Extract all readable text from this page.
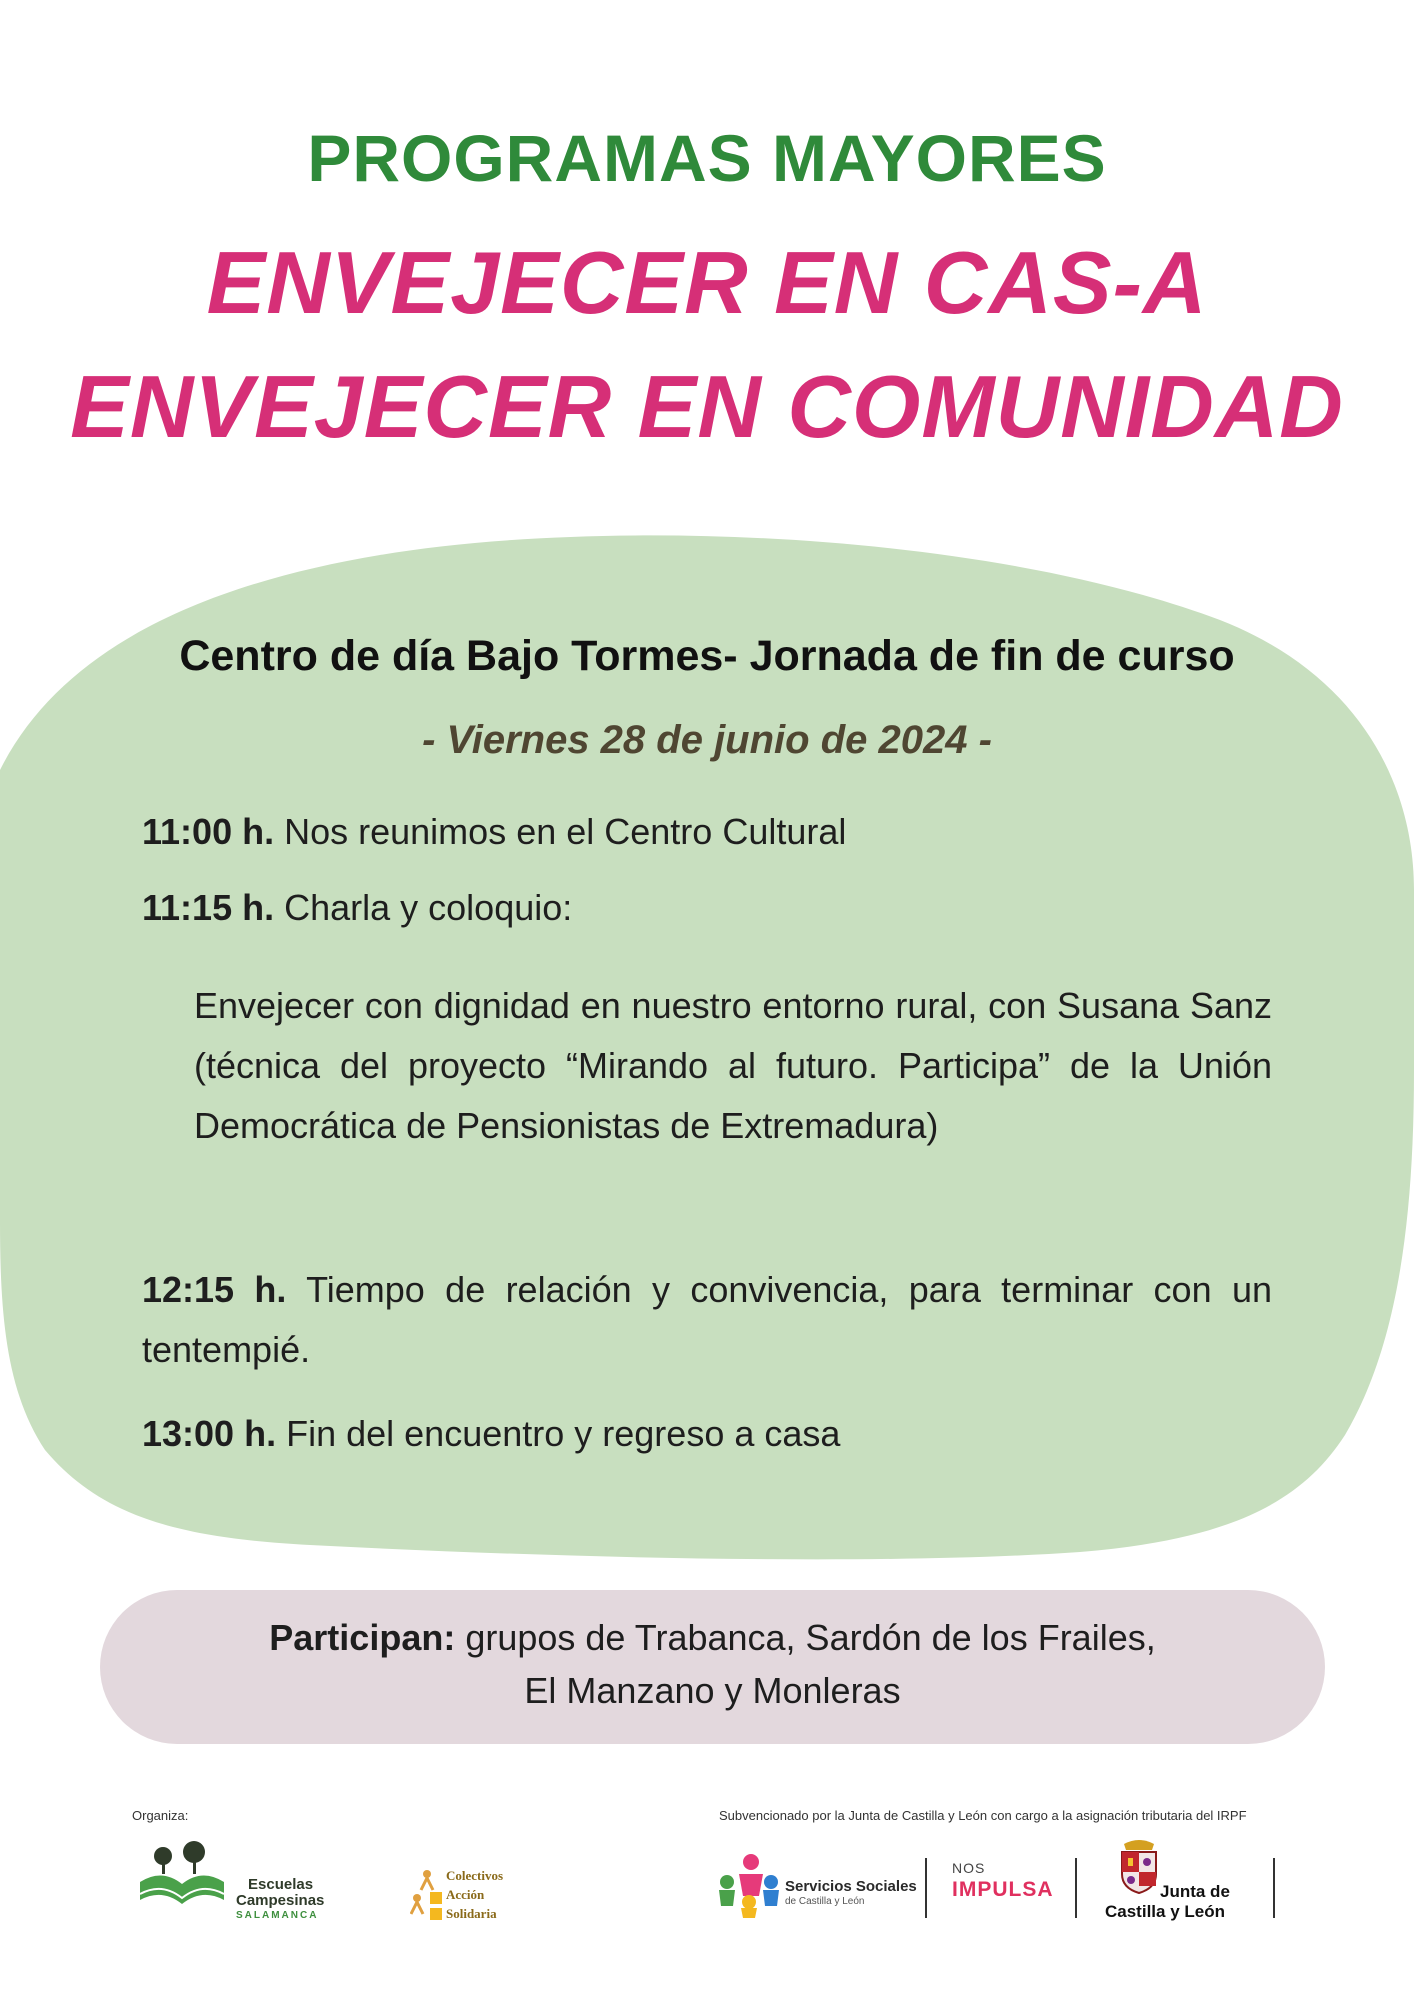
PROGRAMAS MAYORES
ENVEJECER EN CAS-A
ENVEJECER EN COMUNIDAD
Centro de día Bajo Tormes- Jornada de fin de curso
- Viernes 28 de junio de 2024 -
11:00 h. Nos reunimos en el Centro Cultural
11:15 h. Charla y coloquio:
Envejecer con dignidad en nuestro entorno rural, con Susana Sanz (técnica del proyecto “Mirando al futuro. Participa” de la Unión Democrática de Pensionistas de Extremadura)
12:15 h. Tiempo de relación y convivencia, para terminar con un tentempié.
13:00 h. Fin del encuentro y regreso a casa
Participan: grupos de Trabanca, Sardón de los Frailes,
El Manzano y Monleras
Organiza:	Subvencionado por la Junta de Castilla y León con cargo a la asignación tributaria del IRPF
Escuelas
Campesinas
SALAMANCA
Colectivos
Acción
Solidaria
Servicios Sociales
de Castilla y León
NOS
IMPULSA	Junta de
Castilla y León
